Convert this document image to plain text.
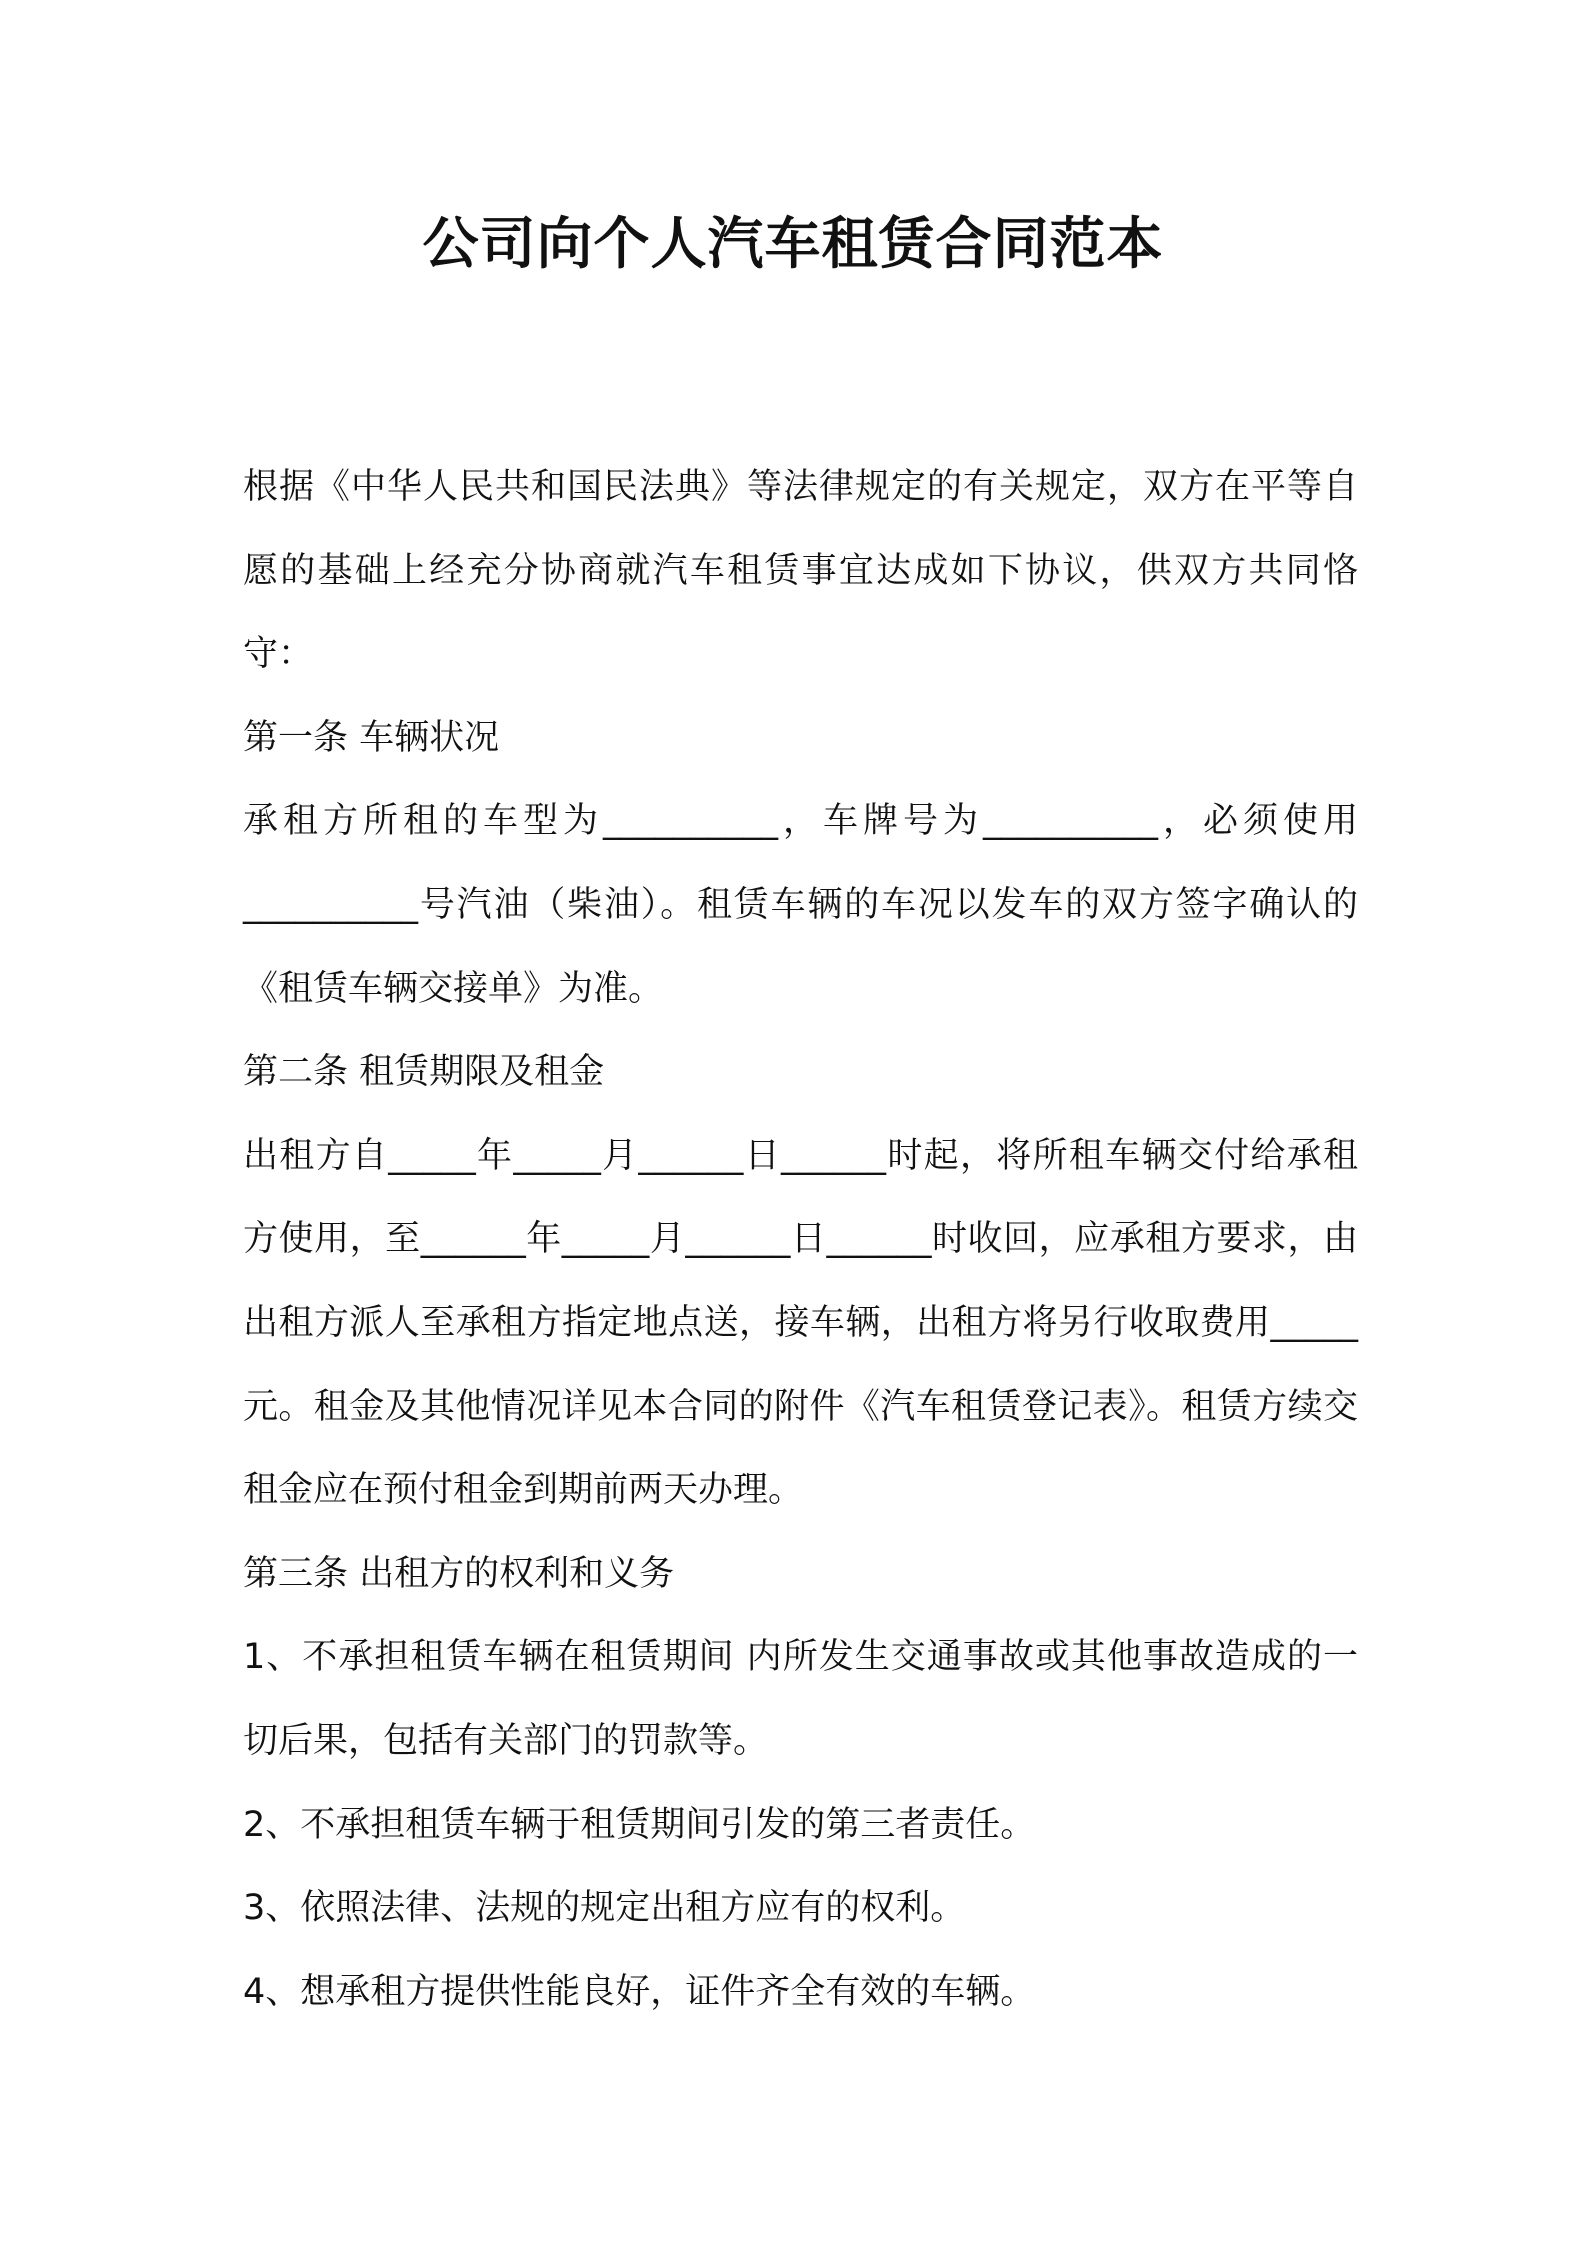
公司向个人汽车租赁合同范本

根据《中华人民共和国民法典》等法律规定的有关规定，双方在平等自愿的基础上经充分协商就汽车租赁事宜达成如下协议，供双方共同恪守：

第一条 车辆状况

承租方所租的车型为__________，车牌号为__________，必须使用__________号汽油（柴油）。租赁车辆的车况以发车的双方签字确认的《租赁车辆交接单》为准。

第二条 租赁期限及租金

出租方自_____年_____月______日______时起，将所租车辆交付给承租方使用，至______年_____月______日______时收回，应承租方要求，由出租方派人至承租方指定地点送，接车辆，出租方将另行收取费用_____元。租金及其他情况详见本合同的附件《汽车租赁登记表》。租赁方续交租金应在预付租金到期前两天办理。

第三条 出租方的权利和义务

1、不承担租赁车辆在租赁期间 内所发生交通事故或其他事故造成的一切后果，包括有关部门的罚款等。

2、不承担租赁车辆于租赁期间引发的第三者责任。

3、依照法律、法规的规定出租方应有的权利。

4、想承租方提供性能良好，证件齐全有效的车辆。
